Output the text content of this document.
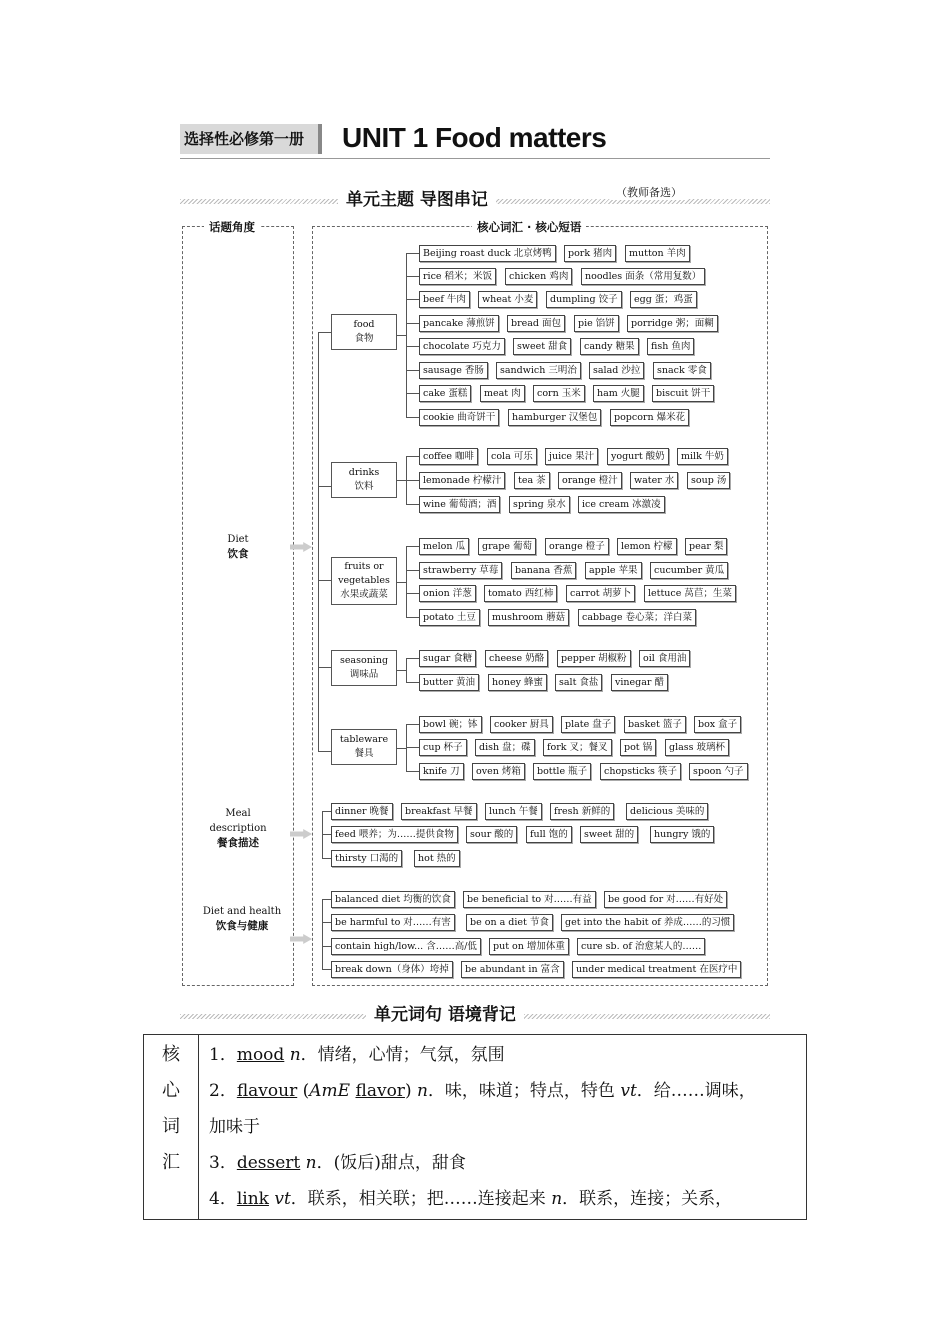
选择性必修第一册	UNIT 1 Food matters
单元主题 导图串记	（教师备选）
话题角度	核心词汇 · 核心短语
Diet
饮食
Meal description
餐食描述
Diet and health
饮食与健康
food
食物
drinks
饮料
fruits or vegetables
水果或蔬菜
seasoning
调味品
tableware
餐具
Beijing roast duck 北京烤鸭	pork 猪肉	mutton 羊肉
rice 稻米；米饭	chicken 鸡肉	noodles 面条（常用复数）
beef 牛肉	wheat 小麦	dumpling 饺子	egg 蛋；鸡蛋
pancake 薄煎饼	bread 面包	pie 馅饼	porridge 粥；面糊
chocolate 巧克力	sweet 甜食	candy 糖果	fish 鱼肉
sausage 香肠	sandwich 三明治	salad 沙拉	snack 零食
cake 蛋糕	meat 肉	corn 玉米	ham 火腿	biscuit 饼干
cookie 曲奇饼干	hamburger 汉堡包	popcorn 爆米花
coffee 咖啡	cola 可乐	juice 果汁	yogurt 酸奶	milk 牛奶
lemonade 柠檬汁	tea 茶	orange 橙汁	water 水	soup 汤
wine 葡萄酒；酒	spring 泉水	ice cream 冰激凌
melon 瓜	grape 葡萄	orange 橙子	lemon 柠檬	pear 梨
strawberry 草莓	banana 香蕉	apple 苹果	cucumber 黄瓜
onion 洋葱	tomato 西红柿	carrot 胡萝卜	lettuce 莴苣；生菜
potato 土豆	mushroom 蘑菇	cabbage 卷心菜；洋白菜
sugar 食糖	cheese 奶酪	pepper 胡椒粉	oil 食用油
butter 黄油	honey 蜂蜜	salt 食盐	vinegar 醋
bowl 碗；钵	cooker 厨具	plate 盘子	basket 篮子	box 盒子
cup 杯子	dish 盘；碟	fork 叉；餐叉	pot 锅	glass 玻璃杯
knife 刀	oven 烤箱	bottle 瓶子	chopsticks 筷子	spoon 勺子
dinner 晚餐	breakfast 早餐	lunch 午餐	fresh 新鲜的	delicious 美味的
feed 喂养；为……提供食物	sour 酸的	full 饱的	sweet 甜的	hungry 饿的
thirsty 口渴的	hot 热的
balanced diet 均衡的饮食	be beneficial to 对……有益	be good for 对……有好处
be harmful to 对……有害	be on a diet 节食	get into the habit of 养成……的习惯
contain high/low... 含……高/低	put on 增加体重	cure sb. of 治愈某人的……
break down（身体）垮掉	be abundant in 富含	under medical treatment 在医疗中
单元词句 语境背记
核
心
词
汇

1．mood n．情绪，心情；气氛，氛围
2．flavour (AmE flavor) n．味，味道；特点，特色 vt．给……调味，
加味于
3．dessert n．(饭后)甜点，甜食
4．link vt．联系，相关联；把……连接起来 n．联系，连接；关系，
